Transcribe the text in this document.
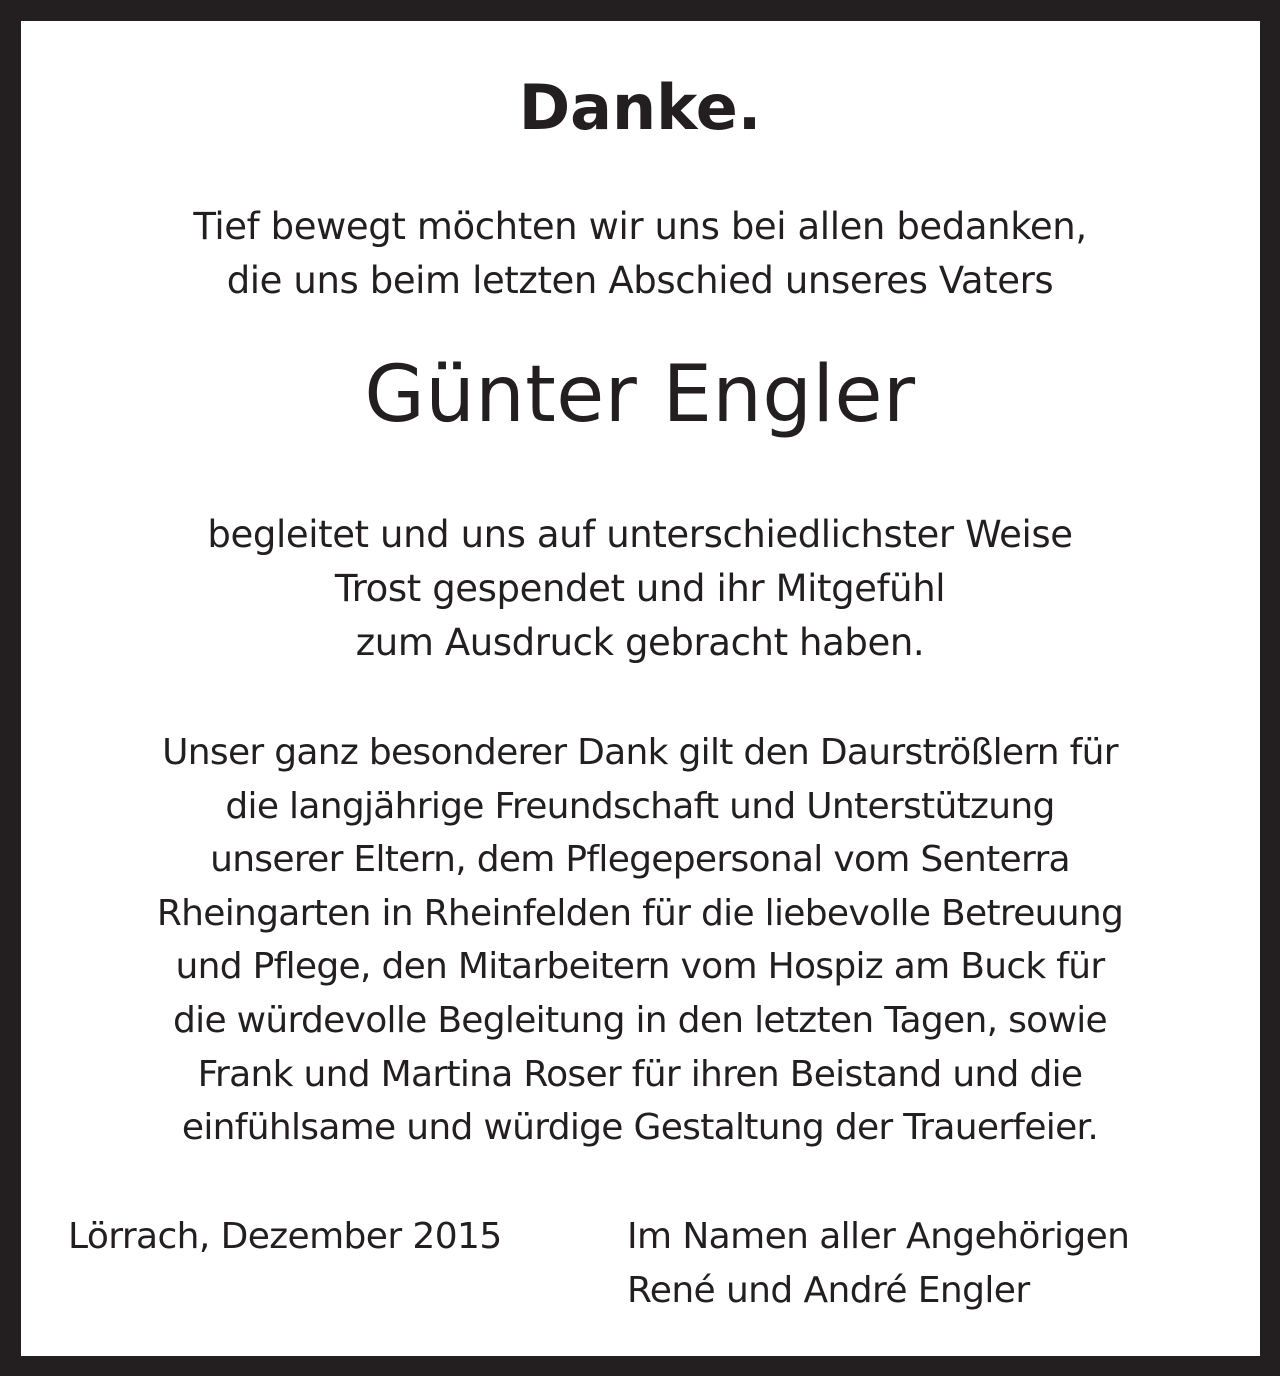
Danke.
Tief bewegt möchten wir uns bei allen bedanken,
die uns beim letzten Abschied unseres Vaters
Günter Engler
begleitet und uns auf unterschiedlichster Weise
Trost gespendet und ihr Mitgefühl
zum Ausdruck gebracht haben.
Unser ganz besonderer Dank gilt den Daurströßlern für
die langjährige Freundschaft und Unterstützung
unserer Eltern, dem Pflegepersonal vom Senterra
Rheingarten in Rheinfelden für die liebevolle Betreuung
und Pflege, den Mitarbeitern vom Hospiz am Buck für
die würdevolle Begleitung in den letzten Tagen, sowie
Frank und Martina Roser für ihren Beistand und die
einfühlsame und würdige Gestaltung der Trauerfeier.
Lörrach, Dezember 2015	Im Namen aller Angehörigen
René und André Engler
